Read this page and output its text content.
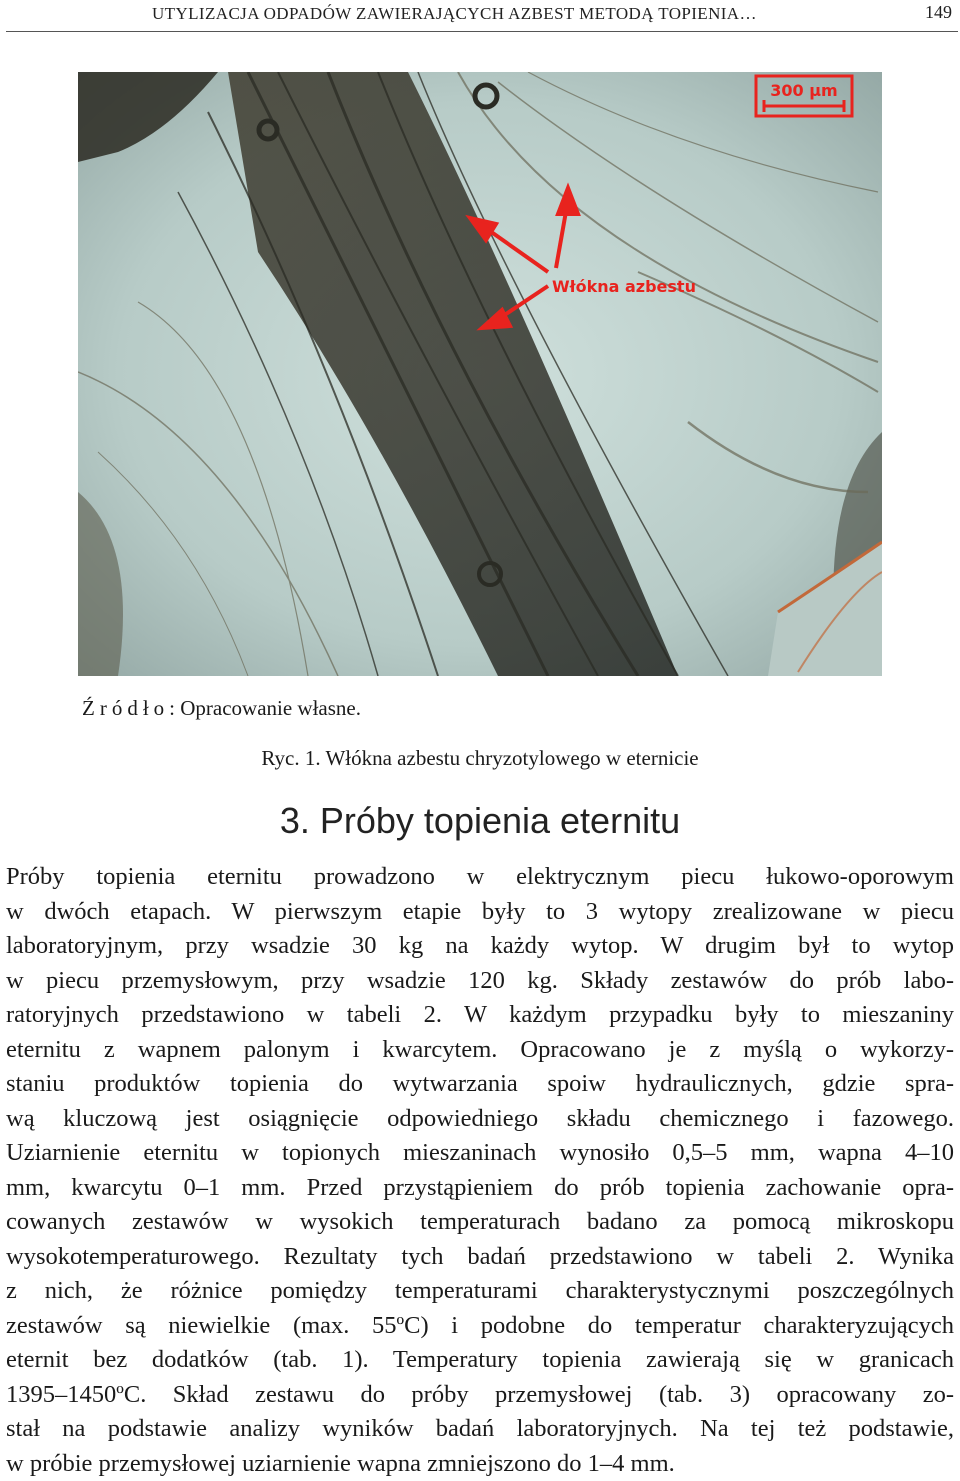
UTYLIZACJA ODPADÓW ZAWIERAJĄCYCH AZBEST METODĄ TOPIENIA…	149
300 μm
Włókna azbestu
Źródło: Opracowanie własne.
Ryc. 1. Włókna azbestu chryzotylowego w eternicie
3. Próby topienia eternitu
Próby topienia eternitu prowadzono w elektrycznym piecu łukowo-oporowym
w dwóch etapach. W pierwszym etapie były to 3 wytopy zrealizowane w piecu
laboratoryjnym, przy wsadzie 30 kg na każdy wytop. W drugim był to wytop
w piecu przemysłowym, przy wsadzie 120 kg. Składy zestawów do prób labo-
ratoryjnych przedstawiono w tabeli 2. W każdym przypadku były to mieszaniny
eternitu z wapnem palonym i kwarcytem. Opracowano je z myślą o wykorzy-
staniu produktów topienia do wytwarzania spoiw hydraulicznych, gdzie spra-
wą kluczową jest osiągnięcie odpowiedniego składu chemicznego i fazowego.
Uziarnienie eternitu w topionych mieszaninach wynosiło 0,5–5 mm, wapna 4–10
mm, kwarcytu 0–1 mm. Przed przystąpieniem do prób topienia zachowanie opra-
cowanych zestawów w wysokich temperaturach badano za pomocą mikroskopu
wysokotemperaturowego. Rezultaty tych badań przedstawiono w tabeli 2. Wynika
z nich, że różnice pomiędzy temperaturami charakterystycznymi poszczególnych
zestawów są niewielkie (max. 55ºC) i podobne do temperatur charakteryzujących
eternit bez dodatków (tab. 1). Temperatury topienia zawierają się w granicach
1395–1450ºC. Skład zestawu do próby przemysłowej (tab. 3) opracowany zo-
stał na podstawie analizy wyników badań laboratoryjnych. Na tej też podstawie,
w próbie przemysłowej uziarnienie wapna zmniejszono do 1–4 mm.
